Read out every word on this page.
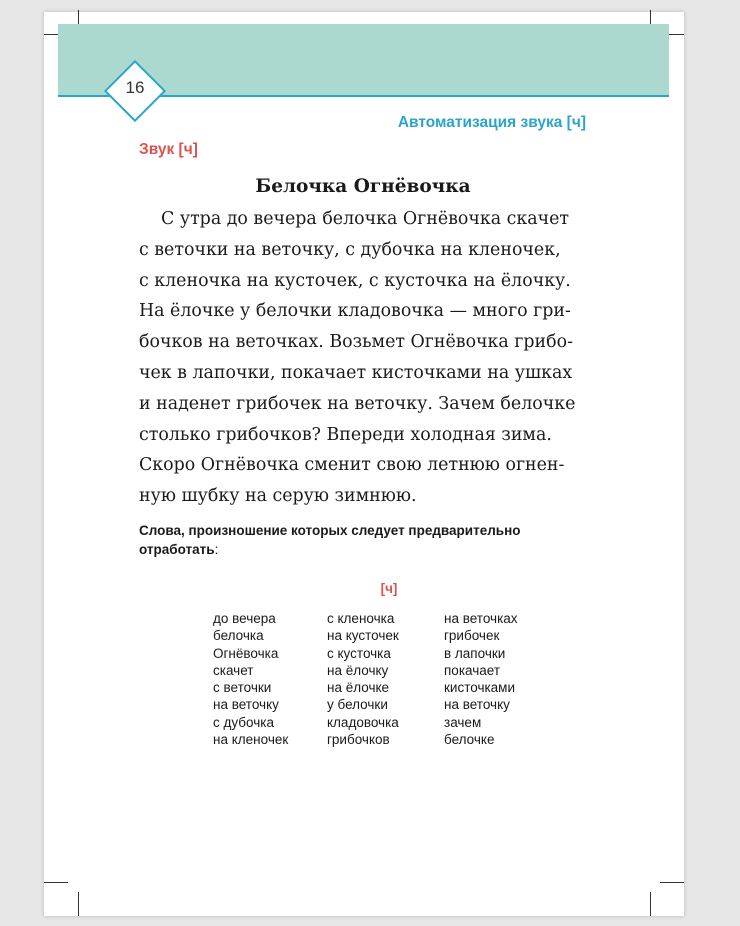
16
Автоматизация звука [ч]
Звук [ч]
Белочка Огнёвочка
С утра до вечера белочка Огнёвочка скачет
с веточки на веточку, с дубочка на кленочек,
с кленочка на кусточек, с кусточка на ёлочку.
На ёлочке у белочки кладовочка — много гри-
бочков на веточках. Возьмет Огнёвочка грибо-
чек в лапочки, покачает кисточками на ушках
и наденет грибочек на веточку. Зачем белочке
столько грибочков? Впереди холодная зима.
Скоро Огнёвочка сменит свою летнюю огнен-
ную шубку на серую зимнюю.
Слова, произношение которых следует предварительно отработать:
[ч]
до вечера
белочка
Огнёвочка
скачет
с веточки
на веточку
с дубочка
на кленочек
с кленочка
на кусточек
с кусточка
на ёлочку
на ёлочке
у белочки
кладовочка
грибочков
на веточках
грибочек
в лапочки
покачает
кисточками
на веточку
зачем
белочке
